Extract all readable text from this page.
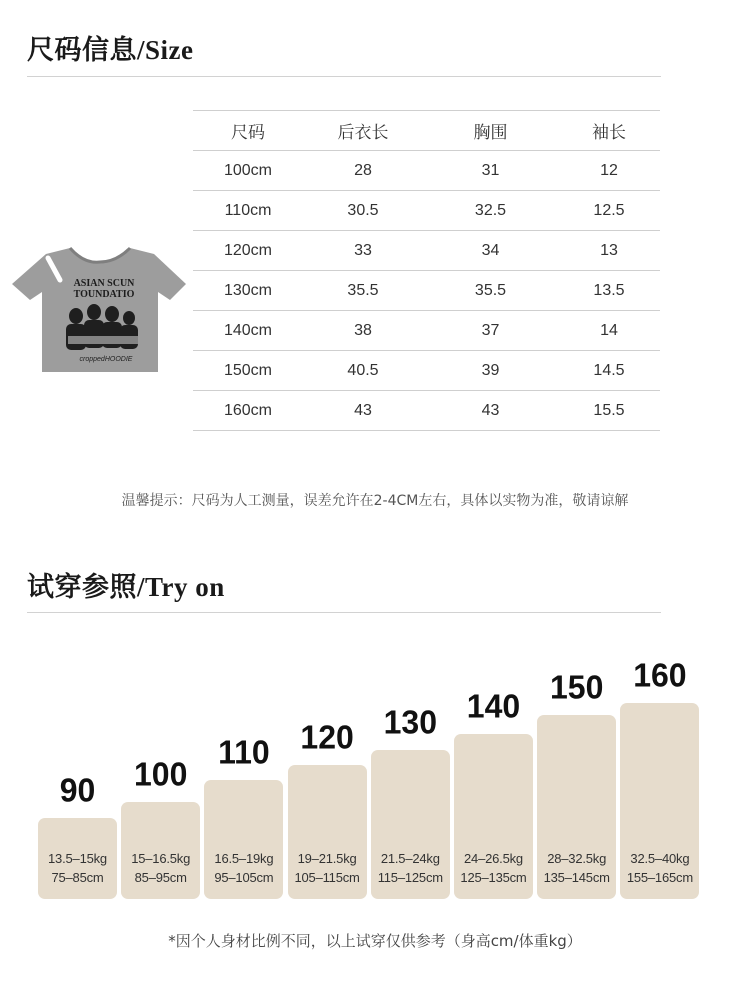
尺码信息/Size
ASIAN SCUN
TOUNDATIO
croppedHOODIE
尺码	后衣长	胸围	袖长
100cm	28	31	12
110cm	30.5	32.5	12.5
120cm	33	34	13
130cm	35.5	35.5	13.5
140cm	38	37	14
150cm	40.5	39	14.5
160cm	43	43	15.5
温馨提示：尺码为人工测量，误差允许在2-4CM左右，具体以实物为准，敬请谅解
试穿参照/Try on
13.5–15kg
75–85cm
15–16.5kg
85–95cm
16.5–19kg
95–105cm
19–21.5kg
105–115cm
21.5–24kg
115–125cm
24–26.5kg
125–135cm
28–32.5kg
135–145cm
32.5–40kg
155–165cm
90	100
110 120 130 140
150 160
*因个人身材比例不同，以上试穿仅供参考（身高cm/体重kg）
